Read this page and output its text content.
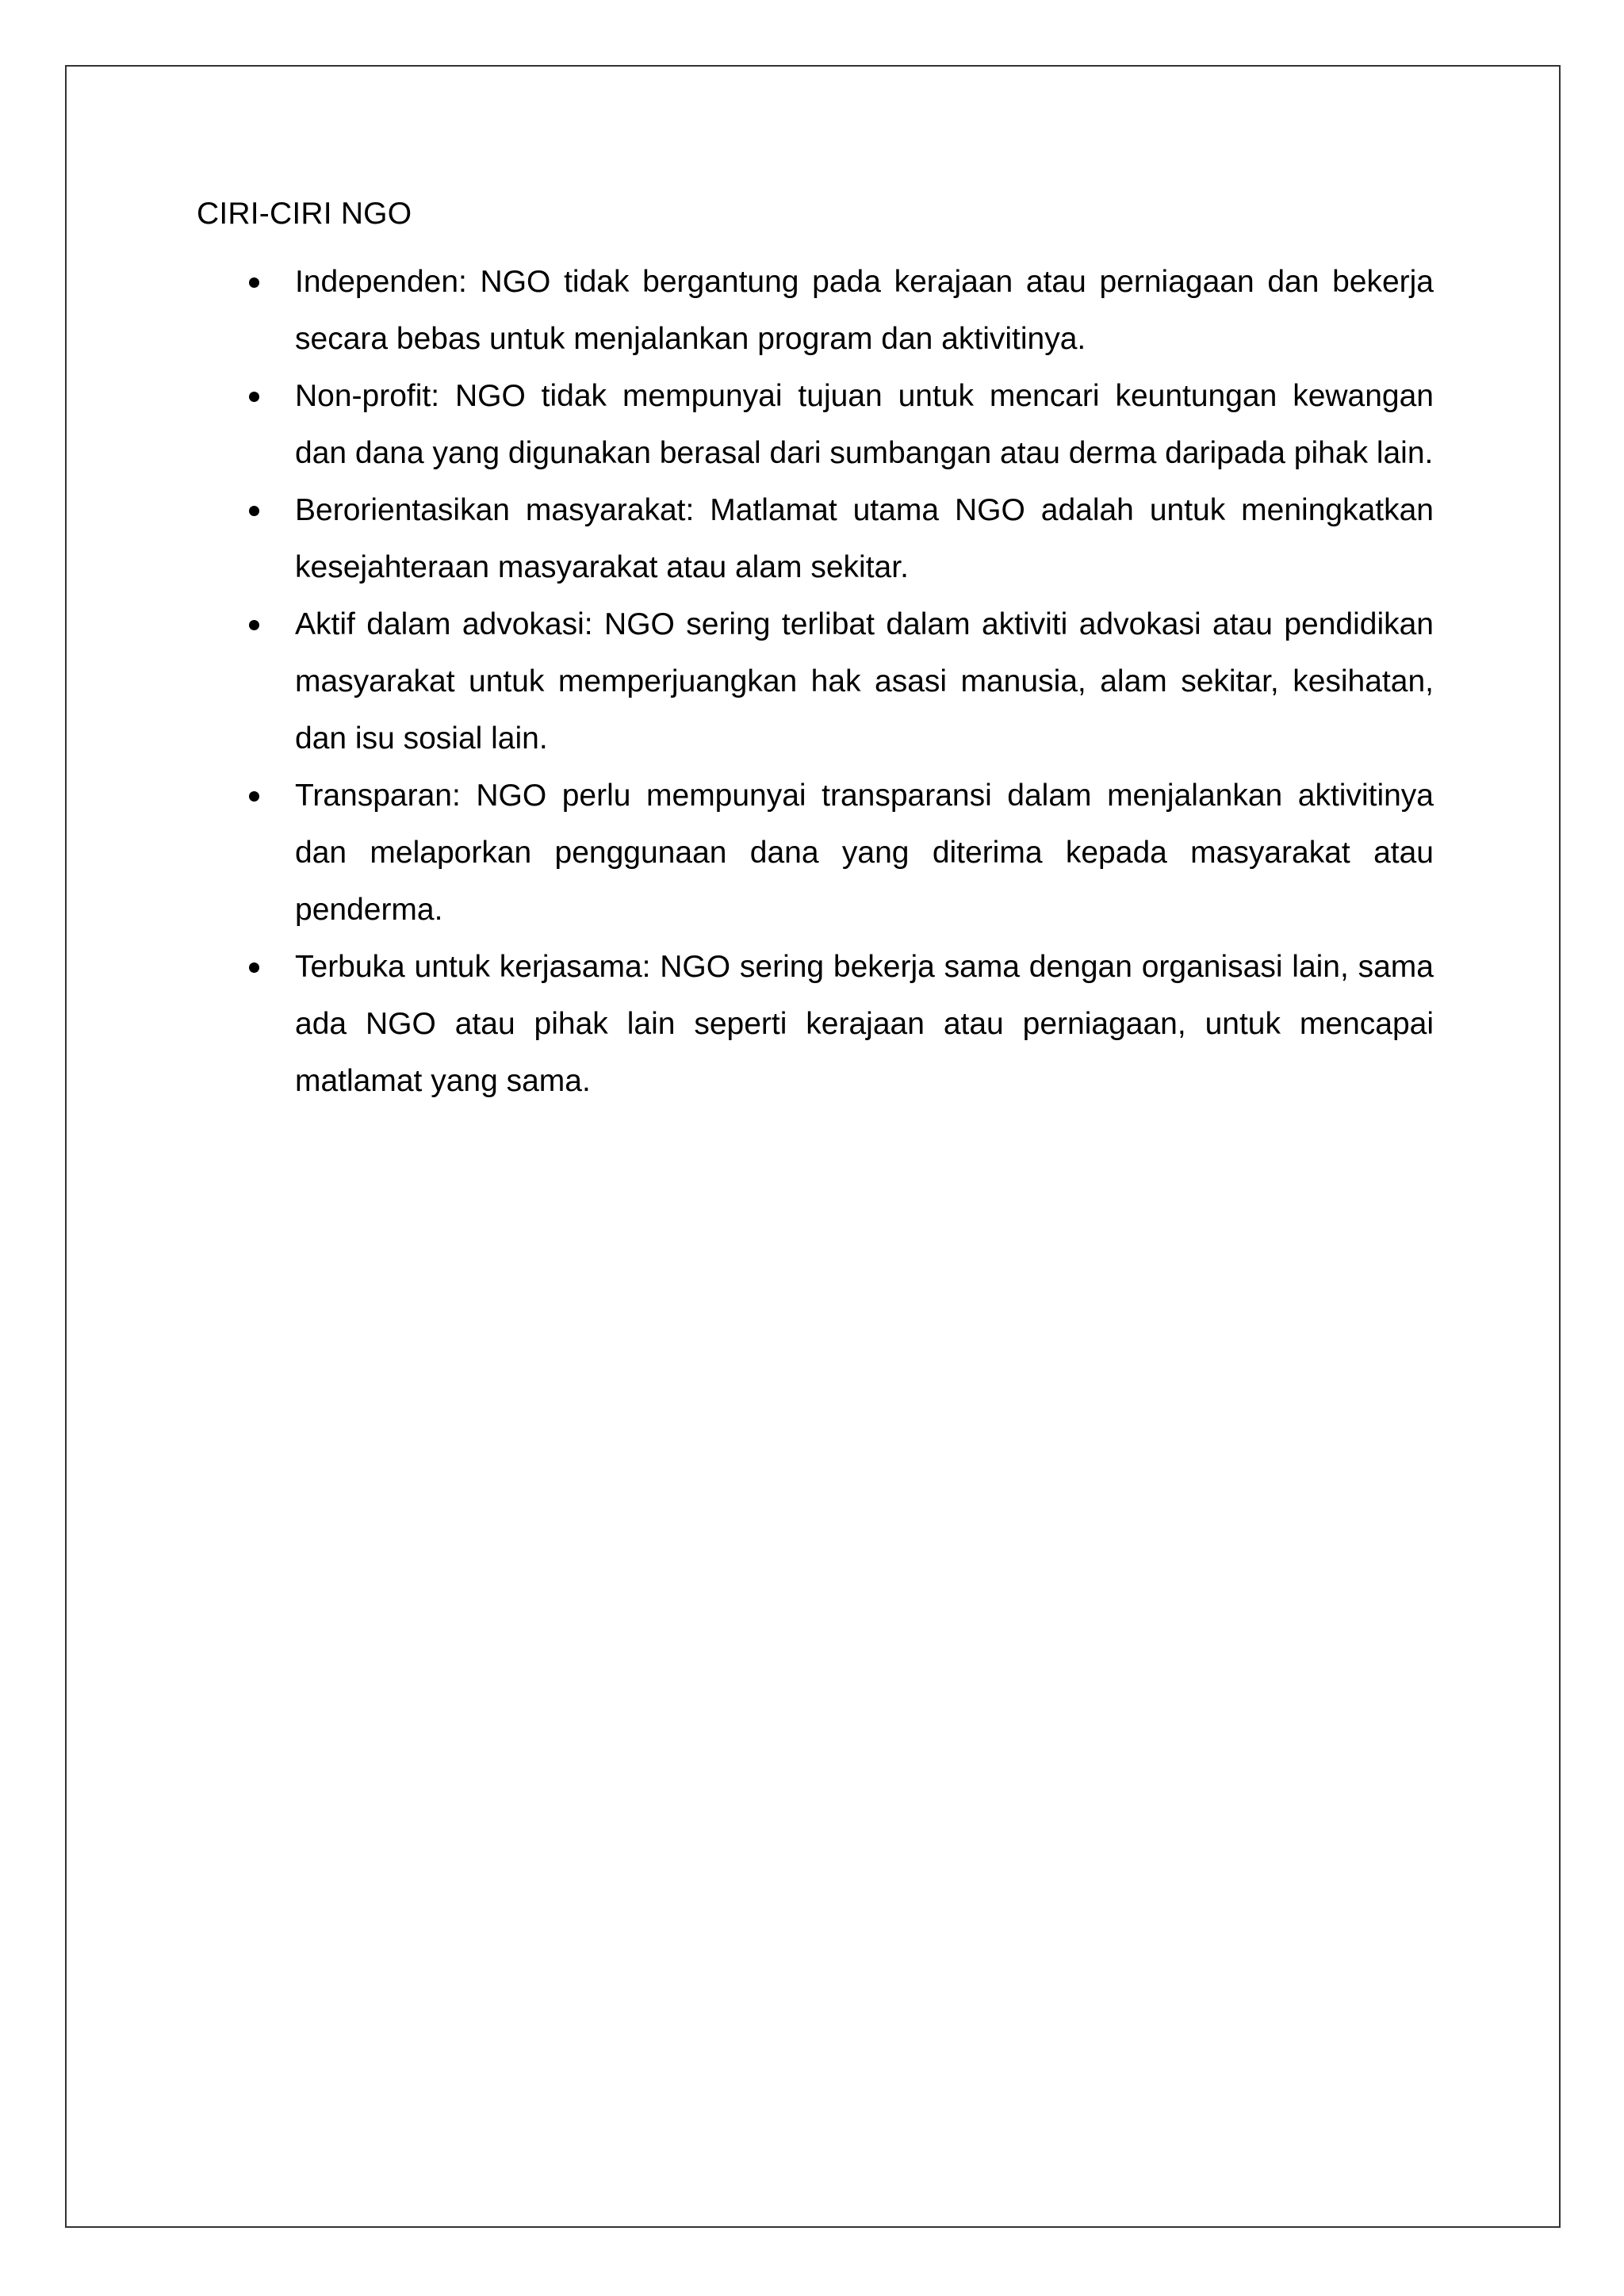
CIRI-CIRI NGO
Independen: NGO tidak bergantung pada kerajaan atau perniagaan dan bekerja secara bebas untuk menjalankan program dan aktivitinya.
Non-profit: NGO tidak mempunyai tujuan untuk mencari keuntungan kewangan dan dana yang digunakan berasal dari sumbangan atau derma daripada pihak lain.
Berorientasikan masyarakat: Matlamat utama NGO adalah untuk meningkatkan kesejahteraan masyarakat atau alam sekitar.
Aktif dalam advokasi: NGO sering terlibat dalam aktiviti advokasi atau pendidikan masyarakat untuk memperjuangkan hak asasi manusia, alam sekitar, kesihatan, dan isu sosial lain.
Transparan: NGO perlu mempunyai transparansi dalam menjalankan aktivitinya dan melaporkan penggunaan dana yang diterima kepada masyarakat atau penderma.
Terbuka untuk kerjasama: NGO sering bekerja sama dengan organisasi lain, sama ada NGO atau pihak lain seperti kerajaan atau perniagaan, untuk mencapai matlamat yang sama.
